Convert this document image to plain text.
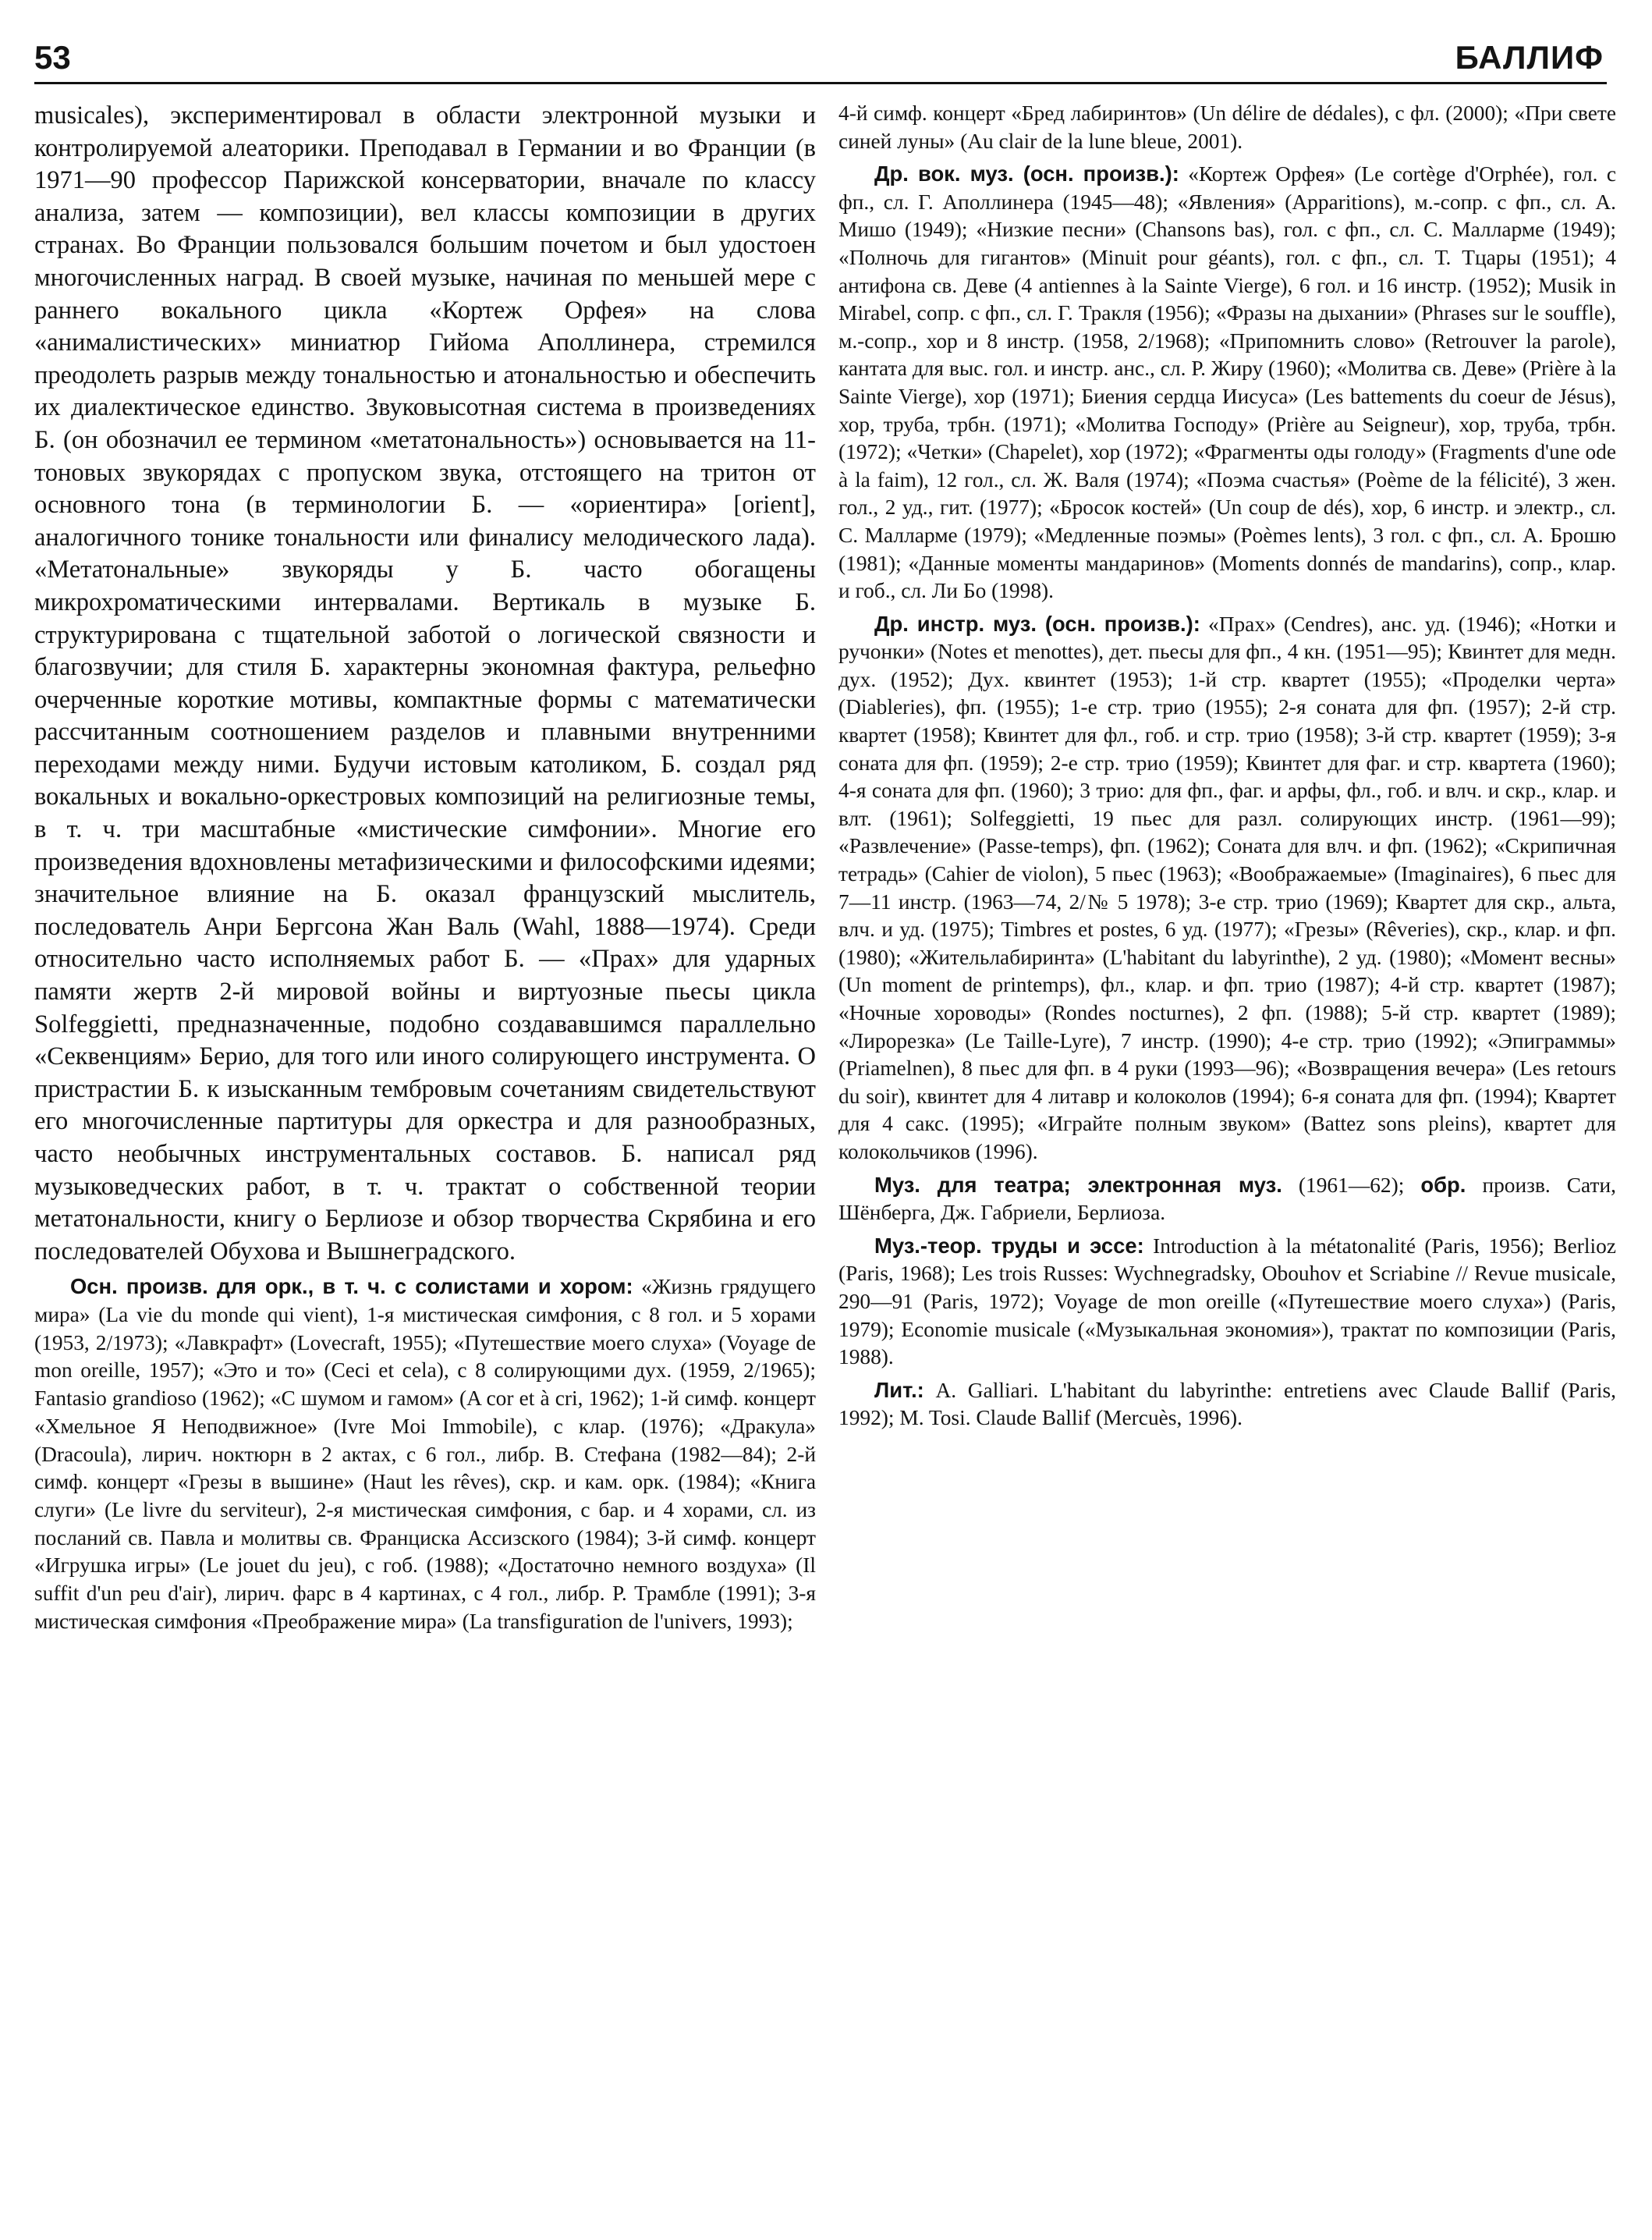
53	БАЛЛИФ

musicales), экспериментировал в области электронной музыки и контролируемой алеаторики. Преподавал в Германии и во Франции (в 1971—90 профессор Парижской консерватории, вначале по классу анализа, затем — композиции), вел классы композиции в других странах. Во Франции пользовался большим почетом и был удостоен многочисленных наград. В своей музыке, начиная по меньшей мере с раннего вокального цикла «Кортеж Орфея» на слова «анималистических» миниатюр Гийома Аполлинера, стремился преодолеть разрыв между тональностью и атональностью и обеспечить их диалектическое единство. Звуковысотная система в произведениях Б. (он обозначил ее термином «метатональность») основывается на 11-тоновых звукорядах с пропуском звука, отстоящего на тритон от основного тона (в терминологии Б. — «ориентира» [orient], аналогичного тонике тональности или финалису мелодического лада). «Метатональные» звукоряды у Б. часто обогащены микрохроматическими интервалами. Вертикаль в музыке Б. структурирована с тщательной заботой о логической связности и благозвучии; для стиля Б. характерны экономная фактура, рельефно очерченные короткие мотивы, компактные формы с математически рассчитанным соотношением разделов и плавными внутренними переходами между ними. Будучи истовым католиком, Б. создал ряд вокальных и вокально-оркестровых композиций на религиозные темы, в т. ч. три масштабные «мистические симфонии». Многие его произведения вдохновлены метафизическими и философскими идеями; значительное влияние на Б. оказал французский мыслитель, последователь Анри Бергсона Жан Валь (Wahl, 1888—1974). Среди относительно часто исполняемых работ Б. — «Прах» для ударных памяти жертв 2-й мировой войны и виртуозные пьесы цикла Solfeggietti, предназначенные, подобно создававшимся параллельно «Секвенциям» Берио, для того или иного солирующего инструмента. О пристрастии Б. к изысканным тембровым сочетаниям свидетельствуют его многочисленные партитуры для оркестра и для разнообразных, часто необычных инструментальных составов. Б. написал ряд музыковедческих работ, в т. ч. трактат о собственной теории метатональности, книгу о Берлиозе и обзор творчества Скрябина и его последователей Обухова и Вышнеградского.

Осн. произв. для орк., в т. ч. с солистами и хором: «Жизнь грядущего мира» (La vie du monde qui vient), 1-я мистическая симфония, с 8 гол. и 5 хорами (1953, 2/1973); «Лавкрафт» (Lovecraft, 1955); «Путешествие моего слуха» (Voyage de mon oreille, 1957); «Это и то» (Ceci et cela), с 8 солирующими дух. (1959, 2/1965); Fantasio grandioso (1962); «С шумом и гамом» (A cor et à cri, 1962); 1-й симф. концерт «Хмельное Я Неподвижное» (Ivre Moi Immobile), с клар. (1976); «Дракула» (Dracoula), лирич. ноктюрн в 2 актах, с 6 гол., либр. В. Стефана (1982—84); 2-й симф. концерт «Грезы в вышине» (Haut les rêves), скр. и кам. орк. (1984); «Книга слуги» (Le livre du serviteur), 2-я мистическая симфония, с бар. и 4 хорами, сл. из посланий св. Павла и молитвы св. Франциска Ассизского (1984); 3-й симф. концерт «Игрушка игры» (Le jouet du jeu), с гоб. (1988); «Достаточно немного воздуха» (Il suffit d'un peu d'air), лирич. фарс в 4 картинах, с 4 гол., либр. Р. Трамбле (1991); 3-я мистическая симфония «Преображение мира» (La transfiguration de l'univers, 1993);

4-й симф. концерт «Бред лабиринтов» (Un délire de dédales), с фл. (2000); «При свете синей луны» (Au clair de la lune bleue, 2001).

Др. вок. муз. (осн. произв.): «Кортеж Орфея» (Le cortège d'Orphée), гол. с фп., сл. Г. Аполлинера (1945—48); «Явления» (Apparitions), м.-сопр. с фп., сл. А. Мишо (1949); «Низкие песни» (Chansons bas), гол. с фп., сл. С. Малларме (1949); «Полночь для гигантов» (Minuit pour géants), гол. с фп., сл. Т. Тцары (1951); 4 антифона св. Деве (4 antiennes à la Sainte Vierge), 6 гол. и 16 инстр. (1952); Musik in Mirabel, сопр. с фп., сл. Г. Тракля (1956); «Фразы на дыхании» (Phrases sur le souffle), м.-сопр., хор и 8 инстр. (1958, 2/1968); «Припомнить слово» (Retrouver la parole), кантата для выс. гол. и инстр. анс., сл. Р. Жиру (1960); «Молитва св. Деве» (Prière à la Sainte Vierge), хор (1971); Биения сердца Иисуса» (Les battements du coeur de Jésus), хор, труба, трбн. (1971); «Молитва Господу» (Prière au Seigneur), хор, труба, трбн. (1972); «Четки» (Chapelet), хор (1972); «Фрагменты оды голоду» (Fragments d'une ode à la faim), 12 гол., сл. Ж. Валя (1974); «Поэма счастья» (Poème de la félicité), 3 жен. гол., 2 уд., гит. (1977); «Бросок костей» (Un coup de dés), хор, 6 инстр. и электр., сл. С. Малларме (1979); «Медленные поэмы» (Poèmes lents), 3 гол. с фп., сл. А. Брошю (1981); «Данные моменты мандаринов» (Moments donnés de mandarins), сопр., клар. и гоб., сл. Ли Бо (1998).

Др. инстр. муз. (осн. произв.): «Прах» (Cendres), анс. уд. (1946); «Нотки и ручонки» (Notes et menottes), дет. пьесы для фп., 4 кн. (1951—95); Квинтет для медн. дух. (1952); Дух. квинтет (1953); 1-й стр. квартет (1955); «Проделки черта» (Diableries), фп. (1955); 1-е стр. трио (1955); 2-я соната для фп. (1957); 2-й стр. квартет (1958); Квинтет для фл., гоб. и стр. трио (1958); 3-й стр. квартет (1959); 3-я соната для фп. (1959); 2-е стр. трио (1959); Квинтет для фаг. и стр. квартета (1960); 4-я соната для фп. (1960); 3 трио: для фп., фаг. и арфы, фл., гоб. и влч. и скр., клар. и влт. (1961); Solfeggietti, 19 пьес для разл. солирующих инстр. (1961—99); «Развлечение» (Passe-temps), фп. (1962); Соната для влч. и фп. (1962); «Скрипичная тетрадь» (Cahier de violon), 5 пьес (1963); «Воображаемые» (Imaginaires), 6 пьес для 7—11 инстр. (1963—74, 2/№ 5 1978); 3-е стр. трио (1969); Квартет для скр., альта, влч. и уд. (1975); Timbres et postes, 6 уд. (1977); «Грезы» (Rêveries), скр., клар. и фп. (1980); «Жительлабиринта» (L'habitant du labyrinthe), 2 уд. (1980); «Момент весны» (Un moment de printemps), фл., клар. и фп. трио (1987); 4-й стр. квартет (1987); «Ночные хороводы» (Rondes nocturnes), 2 фп. (1988); 5-й стр. квартет (1989); «Лирорезка» (Le Taille-Lyre), 7 инстр. (1990); 4-е стр. трио (1992); «Эпиграммы» (Priamelnen), 8 пьес для фп. в 4 руки (1993—96); «Возвращения вечера» (Les retours du soir), квинтет для 4 литавр и колоколов (1994); 6-я соната для фп. (1994); Квартет для 4 сакс. (1995); «Играйте полным звуком» (Battez sons pleins), квартет для колокольчиков (1996).

Муз. для театра; электронная муз. (1961—62); обр. произв. Сати, Шёнберга, Дж. Габриели, Берлиоза.

Муз.-теор. труды и эссе: Introduction à la métatonalité (Paris, 1956); Berlioz (Paris, 1968); Les trois Russes: Wychnegradsky, Obouhov et Scriabine // Revue musicale, 290—91 (Paris, 1972); Voyage de mon oreille («Путешествие моего слуха») (Paris, 1979); Economie musicale («Музыкальная экономия»), трактат по композиции (Paris, 1988).

Лит.: A. Galliari. L'habitant du labyrinthe: entretiens avec Claude Ballif (Paris, 1992); M. Tosi. Claude Ballif (Mercuès, 1996).
